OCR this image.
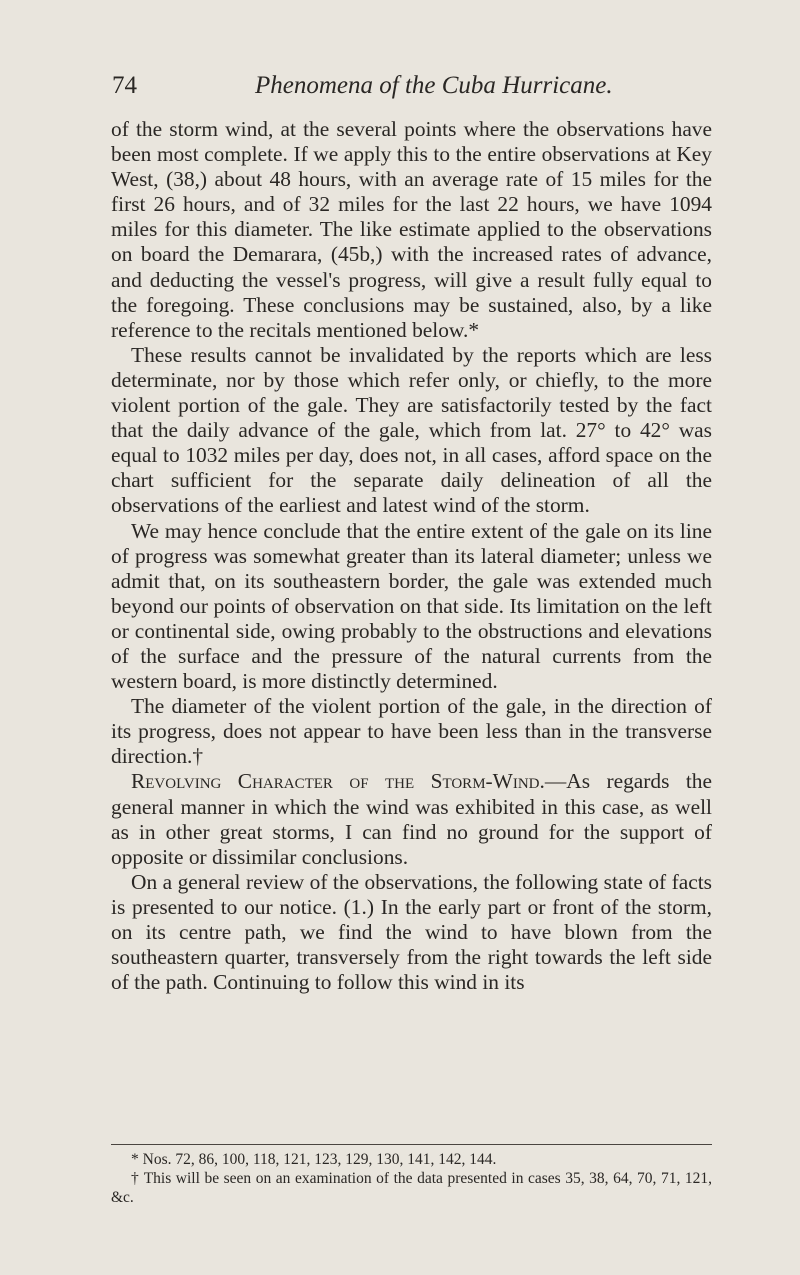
74	Phenomena of the Cuba Hurricane.

of the storm wind, at the several points where the observations have been most complete. If we apply this to the entire observations at Key West, (38,) about 48 hours, with an average rate of 15 miles for the first 26 hours, and of 32 miles for the last 22 hours, we have 1094 miles for this diameter. The like estimate applied to the observations on board the Demarara, (45b,) with the increased rates of advance, and deducting the vessel's progress, will give a result fully equal to the foregoing. These conclusions may be sustained, also, by a like reference to the recitals mentioned below.*

These results cannot be invalidated by the reports which are less determinate, nor by those which refer only, or chiefly, to the more violent portion of the gale. They are satisfactorily tested by the fact that the daily advance of the gale, which from lat. 27° to 42° was equal to 1032 miles per day, does not, in all cases, afford space on the chart sufficient for the separate daily delineation of all the observations of the earliest and latest wind of the storm.

We may hence conclude that the entire extent of the gale on its line of progress was somewhat greater than its lateral diameter; unless we admit that, on its southeastern border, the gale was extended much beyond our points of observation on that side. Its limitation on the left or continental side, owing probably to the obstructions and elevations of the surface and the pressure of the natural currents from the western board, is more distinctly determined.

The diameter of the violent portion of the gale, in the direction of its progress, does not appear to have been less than in the transverse direction.†

Revolving Character of the Storm-Wind.—As regards the general manner in which the wind was exhibited in this case, as well as in other great storms, I can find no ground for the support of opposite or dissimilar conclusions.

On a general review of the observations, the following state of facts is presented to our notice. (1.) In the early part or front of the storm, on its centre path, we find the wind to have blown from the southeastern quarter, transversely from the right towards the left side of the path. Continuing to follow this wind in its

* Nos. 72, 86, 100, 118, 121, 123, 129, 130, 141, 142, 144.

† This will be seen on an examination of the data presented in cases 35, 38, 64, 70, 71, 121, &c.
